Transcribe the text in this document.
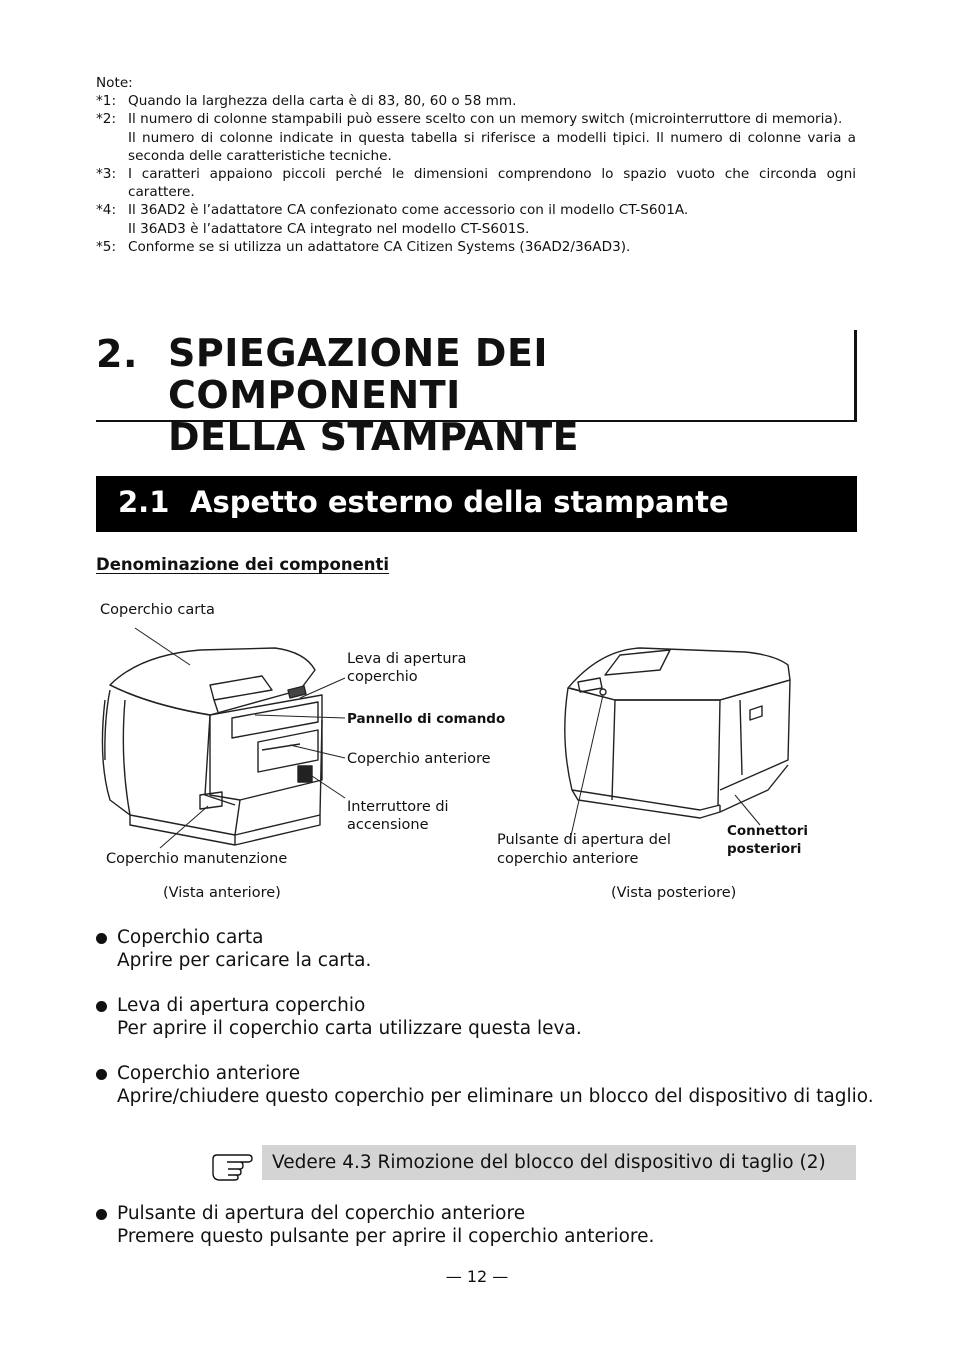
Note:
*1: Quando la larghezza della carta è di 83, 80, 60 o 58 mm.

*2: Il numero di colonne stampabili può essere scelto con un memory switch (microinterruttore di memoria).

Il numero di colonne indicate in questa tabella si riferisce a modelli tipici. Il numero di colonne varia a seconda delle caratteristiche tecniche.

*3: I caratteri appaiono piccoli perché le dimensioni comprendono lo spazio vuoto che circonda ogni carattere.

*4: Il 36AD2 è l’adattatore CA confezionato come accessorio con il modello CT-S601A.

Il 36AD3 è l’adattatore CA integrato nel modello CT-S601S.

*5: Conforme se si utilizza un adattatore CA Citizen Systems (36AD2/36AD3).

2. SPIEGAZIONE DEI COMPONENTI
DELLA STAMPANTE
2.1 Aspetto esterno della stampante
Denominazione dei componenti
Coperchio carta
Leva di apertura
coperchio
Pannello di comando
Coperchio anteriore
Interruttore di
accensione
Coperchio manutenzione
Pulsante di apertura del
coperchio anteriore
Connettori
posteriori
(Vista anteriore)	(Vista posteriore)
Coperchio carta
Aprire per caricare la carta.
Leva di apertura coperchio
Per aprire il coperchio carta utilizzare questa leva.
Coperchio anteriore
Aprire/chiudere questo coperchio per eliminare un blocco del dispositivo di taglio.
Vedere 4.3 Rimozione del blocco del dispositivo di taglio (2)
Pulsante di apertura del coperchio anteriore
Premere questo pulsante per aprire il coperchio anteriore.
— 12 —
